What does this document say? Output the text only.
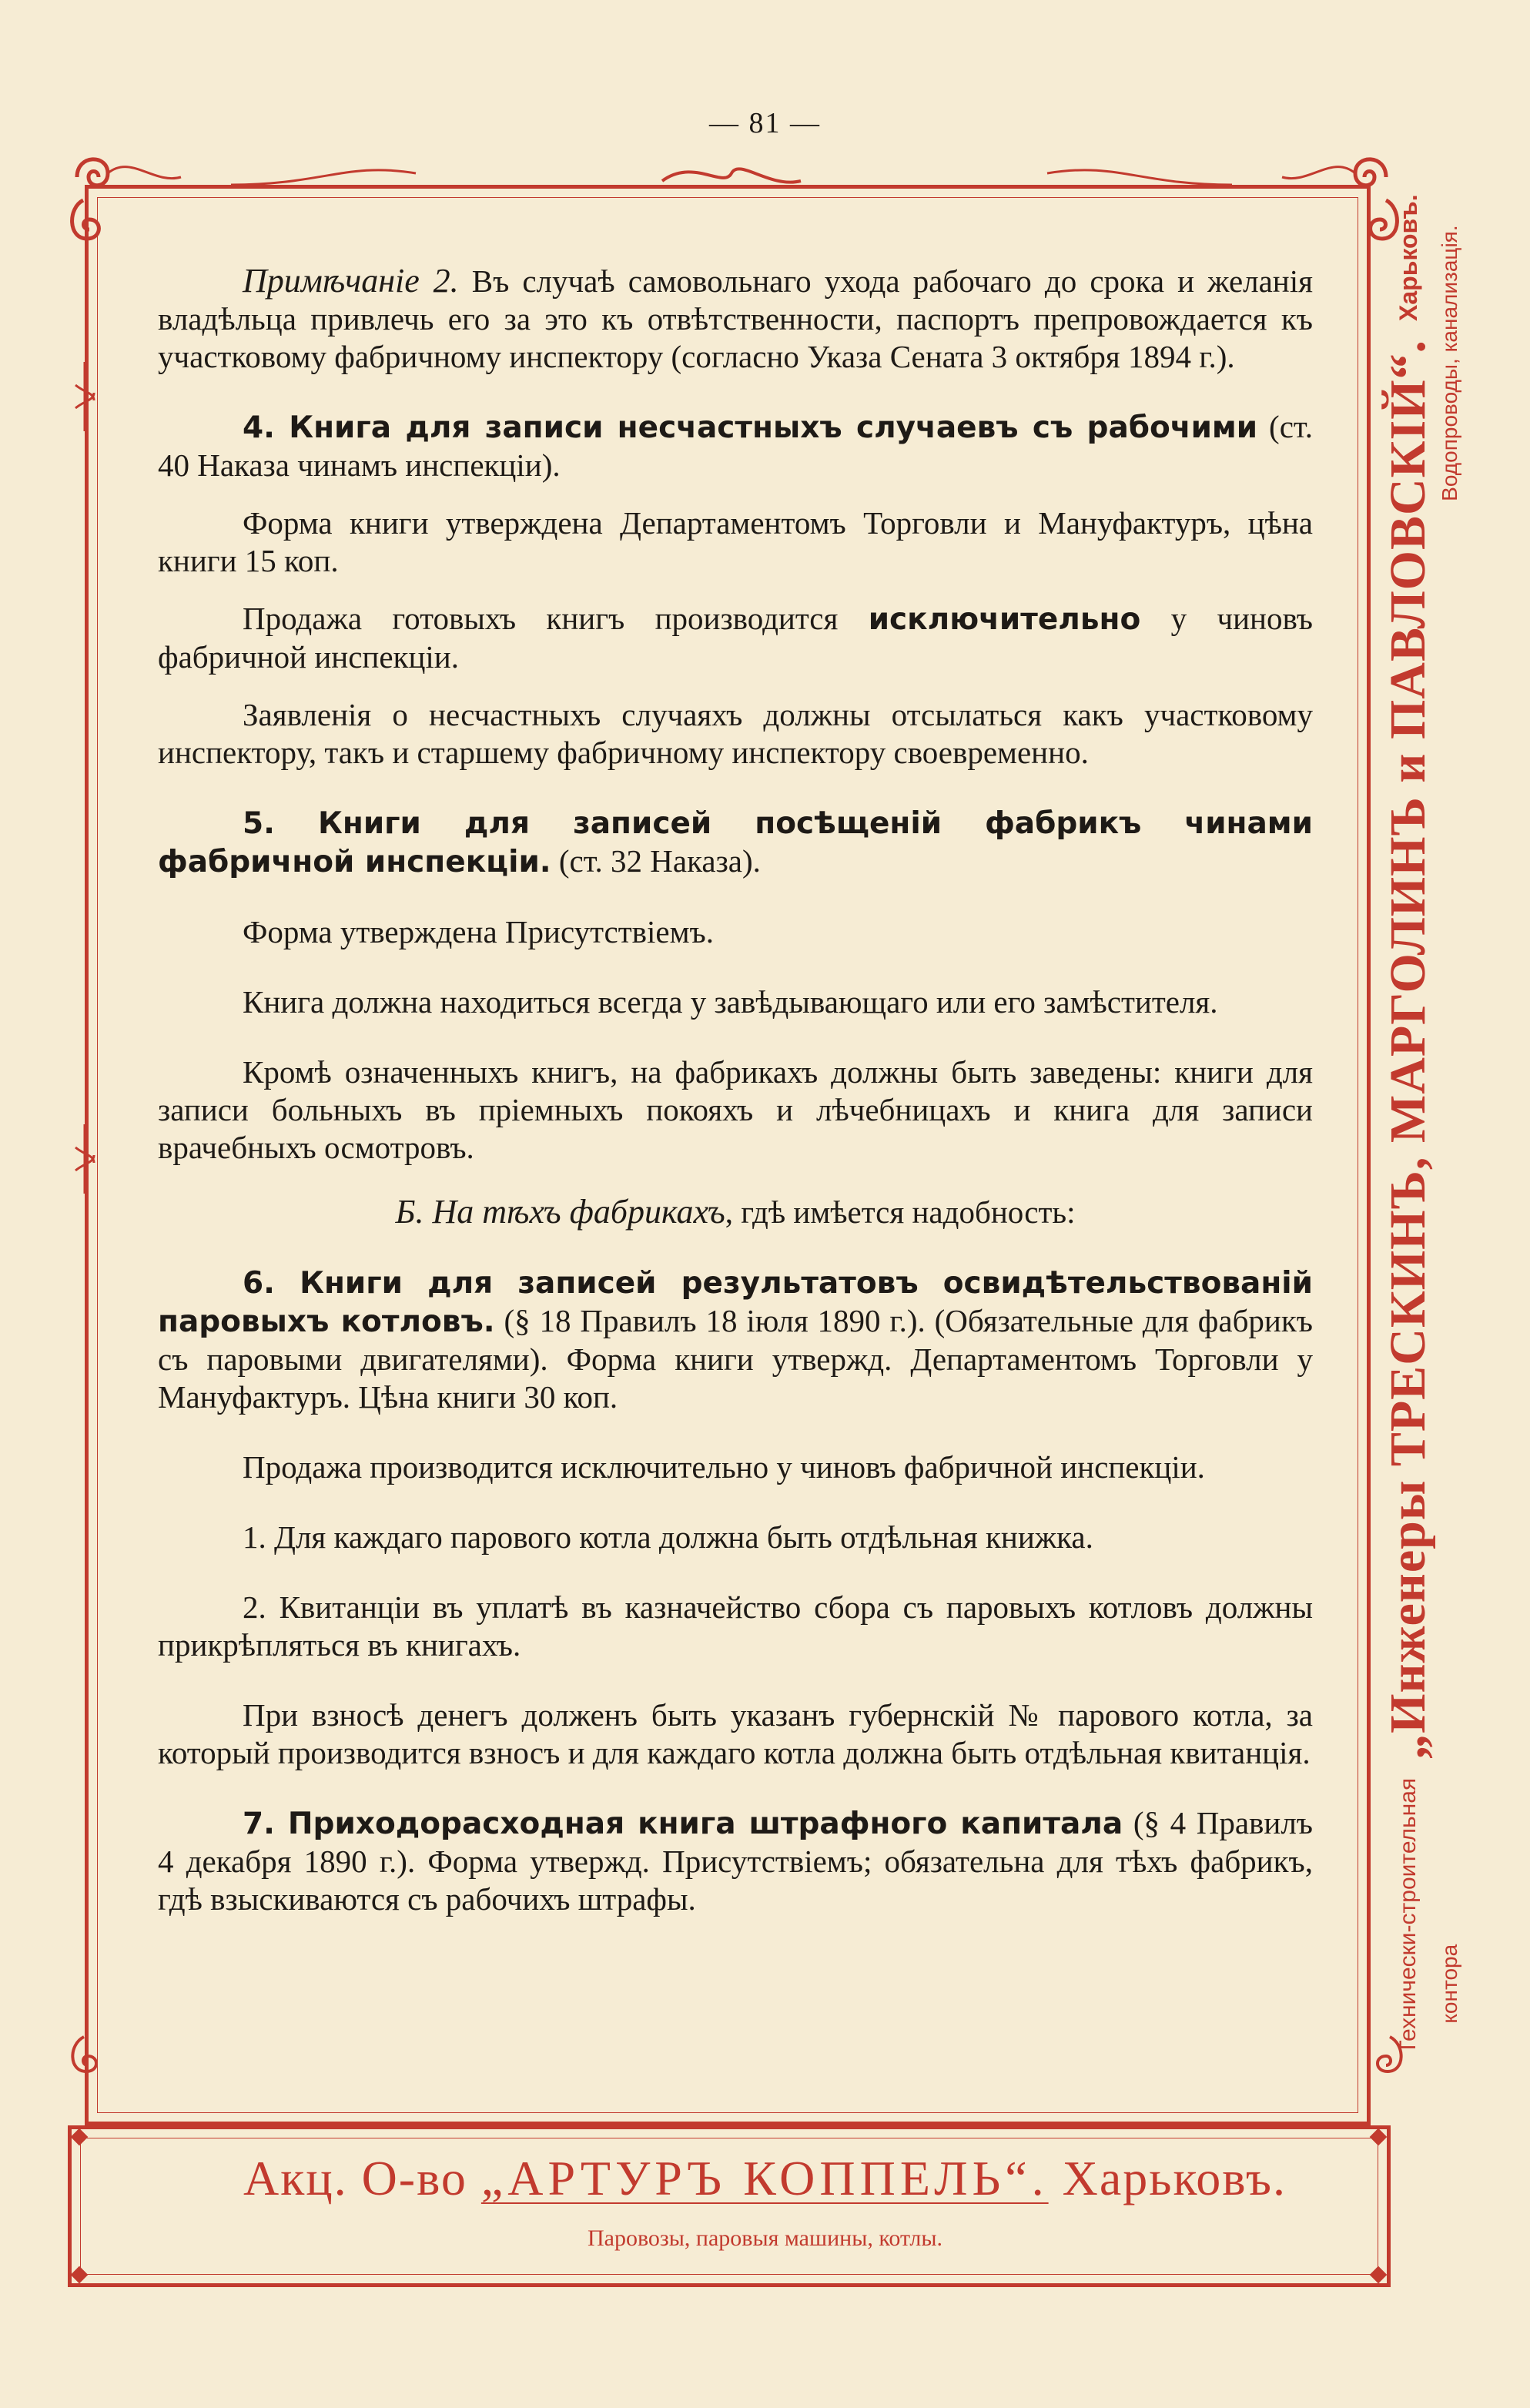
— 81 —

Примѣчаніе 2. Въ случаѣ самовольнаго ухода рабочаго до срока и желанія владѣльца привлечь его за это къ отвѣтственности, паспортъ препровождается къ участковому фабричному инспектору (согласно Указа Сената 3 октября 1894 г.).

4. Книга для записи несчастныхъ случаевъ съ рабочими (ст. 40 Наказа чинамъ инспекціи).

Форма книги утверждена Департаментомъ Торговли и Мануфактуръ, цѣна книги 15 коп.

Продажа готовыхъ книгъ производится исключительно у чиновъ фабричной инспекціи.

Заявленія о несчастныхъ случаяхъ должны отсылаться какъ участковому инспектору, такъ и старшему фабричному инспектору своевременно.

5. Книги для записей посѣщеній фабрикъ чинами фабричной инспекціи. (ст. 32 Наказа).

Форма утверждена Присутствіемъ.

Книга должна находиться всегда у завѣдывающаго или его замѣстителя.

Кромѣ означенныхъ книгъ, на фабрикахъ должны быть заведены: книги для записи больныхъ въ пріемныхъ покояхъ и лѣчебницахъ и книга для записи врачебныхъ осмотровъ.

Б. На тѣхъ фабрикахъ, гдѣ имѣется надобность:

6. Книги для записей результатовъ освидѣтельствованій паровыхъ котловъ. (§ 18 Правилъ 18 іюля 1890 г.). (Обязательные для фабрикъ съ паровыми двигателями). Форма книги утвержд. Департаментомъ Торговли у Мануфактуръ. Цѣна книги 30 коп.

Продажа производится исключительно у чиновъ фабричной инспекціи.

1. Для каждаго парового котла должна быть отдѣльная книжка.

2. Квитанціи въ уплатѣ въ казначейство сбора съ паровыхъ котловъ должны прикрѣпляться въ книгахъ.

При взносѣ денегъ долженъ быть указанъ губернскій № парового котла, за который производится взносъ и для каждаго котла должна быть отдѣльная квитанція.

7. Приходорасходная книга штрафного капитала (§ 4 Правилъ 4 декабря 1890 г.). Форма утвержд. Присутствіемъ; обязательна для тѣхъ фабрикъ, гдѣ взыскиваются съ рабочихъ штрафы.	Технически-строительная
„Инженеры ТРЕСКИНЪ, МАРГОЛИНЪ и ПАВЛОВСКІЙ“.
Харьковъ.
контора
Водопроводы, канализація.
Акц. О-во „АРТУРЪ КОППЕЛЬ“. Харьковъ.
Паровозы, паровыя машины, котлы.
